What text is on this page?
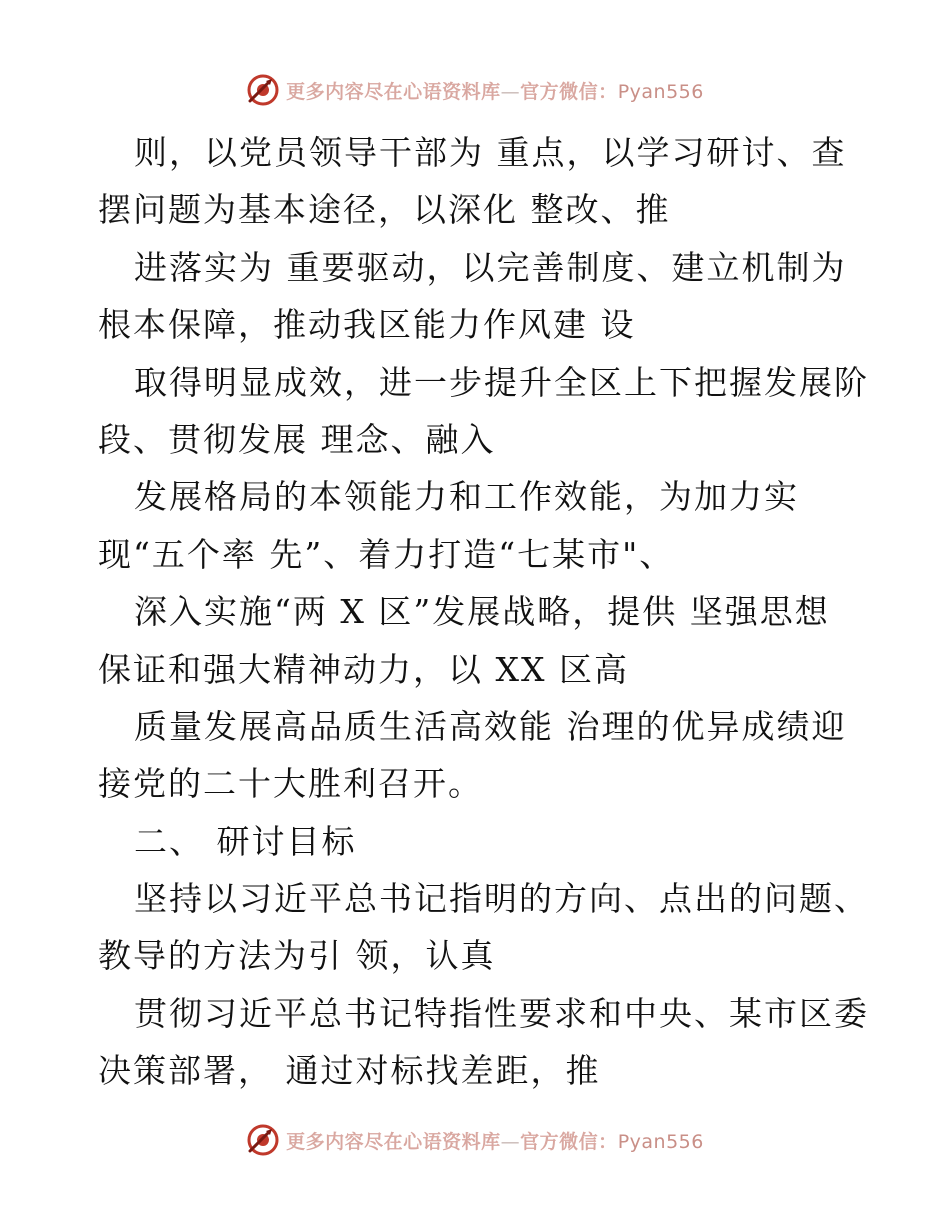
更多内容尽在心语资料库—官方微信：Pyan556
则，以党员领导干部为 重点，以学习研讨、查
摆问题为基本途径，以深化 整改、推
进落实为 重要驱动，以完善制度、建立机制为
根本保障，推动我区能力作风建 设
取得明显成效，进一步提升全区上下把握发展阶
段、贯彻发展 理念、融入
发展格局的本领能力和工作效能，为加力实
现“五个率 先”、着力打造“七某市"、
深入实施“两 X 区”发展战略，提供 坚强思想
保证和强大精神动力，以 XX 区高
质量发展高品质生活高效能 治理的优异成绩迎
接党的二十大胜利召开。
二、 研讨目标
坚持以习近平总书记指明的方向、点出的问题、
教导的方法为引 领，认真
贯彻习近平总书记特指性要求和中央、某市区委
决策部署， 通过对标找差距，推
更多内容尽在心语资料库—官方微信：Pyan556
